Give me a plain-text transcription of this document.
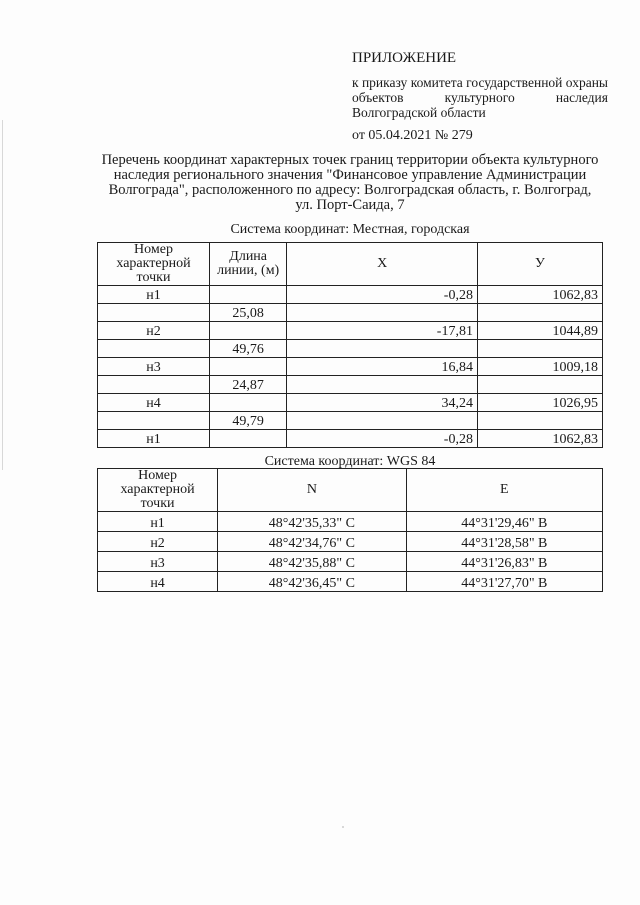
ПРИЛОЖЕНИЕ
к приказу комитета государственной охраны объектов культурного наследия Волгоградской области
от 05.04.2021 № 279
Перечень координат характерных точек границ территории объекта культурного наследия регионального значения "Финансовое управление Администрации Волгограда", расположенного по адресу: Волгоградская область, г. Волгоград, ул. Порт-Саида, 7
Система координат: Местная, городская
Номер характерной точки	Длина линии, (м)	X	У
н1		-0,28	1062,83
	25,08		
н2		-17,81	1044,89
	49,76		
н3		16,84	1009,18
	24,87		
н4		34,24	1026,95
	49,79		
н1		-0,28	1062,83
Система координат: WGS 84
Номер характерной точки	N	E
н1	48°42'35,33" С	44°31'29,46" В
н2	48°42'34,76" С	44°31'28,58" В
н3	48°42'35,88" С	44°31'26,83" В
н4	48°42'36,45" С	44°31'27,70" В
